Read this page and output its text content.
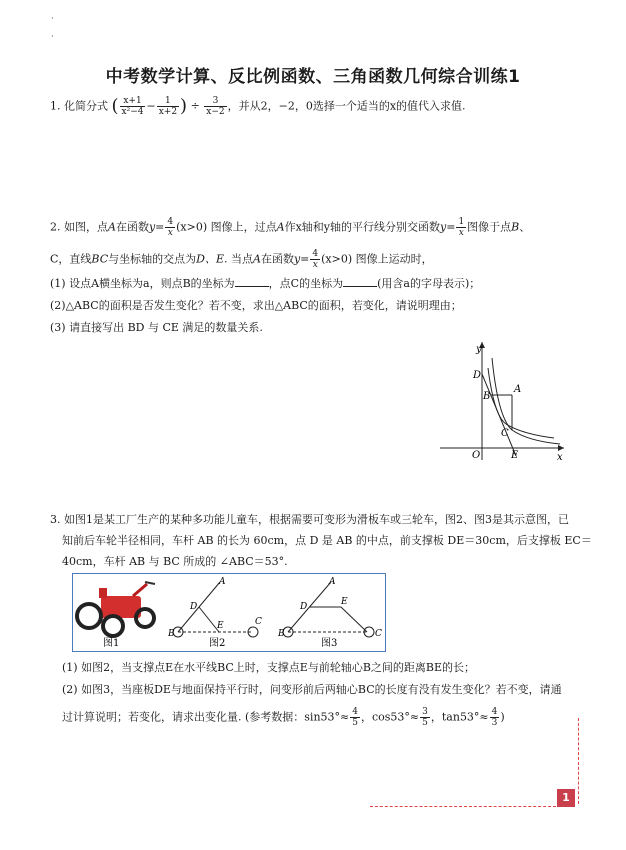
·
·
中考数学计算、反比例函数、三角函数几何综合训练1
1. 化简分式 ( $\frac{x+1}{\text{x²−4}} - \frac{1}{x+2}$ ) ÷ $\frac{3}{x-2}$ ，并从2，−2，0选择一个适当的x的值代入求值.
2. 如图，点A在函数$y= \frac{4}{x} (x>0)$ 图像上，过点A作x轴和y轴的平行线分别交函数$y= \frac{1}{x}$ 图像于点B、
C，直线BC与坐标轴的交点为D、E. 当点A在函数$y= \frac{4}{x} (x>0)$ 图像上运动时，
(1) 设点A横坐标为a，则点B的坐标为	，点C的坐标为	(用含a的字母表示)；
(2)△ABC的面积是否发生变化？若不变，求出△ABC的面积，若变化，请说明理由；
(3) 请直接写出 BD 与 CE 满足的数量关系.
y
x
O
D
B
A
C
E
3. 如图1是某工厂生产的某种多功能儿童车，根据需要可变形为滑板车或三轮车，图2、图3是其示意图，已
知前后车轮半径相同，车杆 AB 的长为 60cm，点 D 是 AB 的中点，前支撑板 DE＝30cm，后支撑板 EC＝
40cm，车杆 AB 与 BC 所成的 ∠ABC＝53°.
图1
A
D
E
B
C
图2
A
D	E
B	C
图3
(1) 如图2，当支撑点E在水平线BC上时，支撑点E与前轮轴心B之间的距离BE的长；
(2) 如图3，当座板DE与地面保持平行时，问变形前后两轴心BC的长度有没有发生变化？若不变，请通
过计算说明；若变化，请求出变化量. (参考数据：$\sin 53^\circ\approx \frac{4}{5}$ ，$\cos 53^\circ\approx \frac{3}{5}$ ，$\tan 53^\circ\approx \frac{4}{3}$ )
1
